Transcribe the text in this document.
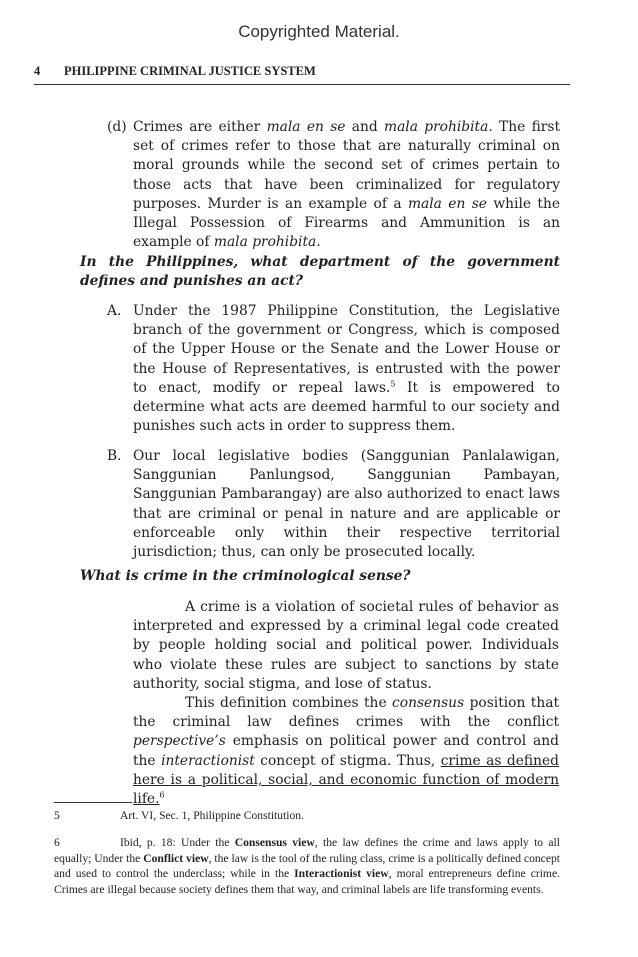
Copyrighted Material.
4 PHILIPPINE CRIMINAL JUSTICE SYSTEM
(d) Crimes are either mala en se and mala prohibita. The first set of crimes refer to those that are naturally criminal on moral grounds while the second set of crimes pertain to those acts that have been criminalized for regulatory purposes. Murder is an example of a mala en se while the Illegal Possession of Firearms and Ammunition is an example of mala prohibita.
In the Philippines, what department of the government defines and punishes an act?
A. Under the 1987 Philippine Constitution, the Legislative branch of the government or Congress, which is composed of the Upper House or the Senate and the Lower House or the House of Representatives, is entrusted with the power to enact, modify or repeal laws.$^5$ It is empowered to determine what acts are deemed harmful to our society and punishes such acts in order to suppress them.
B. Our local legislative bodies (Sanggunian Panlalawigan, Sanggunian Panlungsod, Sanggunian Pambayan, Sanggunian Pambarangay) are also authorized to enact laws that are criminal or penal in nature and are applicable or enforceable only within their respective territorial jurisdiction; thus, can only be prosecuted locally.
What is crime in the criminological sense?
A crime is a violation of societal rules of behavior as interpreted and expressed by a criminal legal code created by people holding social and political power. Individuals who violate these rules are subject to sanctions by state authority, social stigma, and lose of status.
This definition combines the consensus position that the criminal law defines crimes with the conflict perspective’s emphasis on political power and control and the interactionist concept of stigma. Thus, crime as defined here is a political, social, and economic function of modern life.$^6$
5	Art. VI, Sec. 1, Philippine Constitution.
6	Ibid, p. 18: Under the Consensus view, the law defines the crime and laws apply to all equally; Under the Conflict view, the law is the tool of the ruling class, crime is a politically defined concept and used to control the underclass; while in the Interactionist view, moral entrepreneurs define crime. Crimes are illegal because society defines them that way, and criminal labels are life transforming events.
